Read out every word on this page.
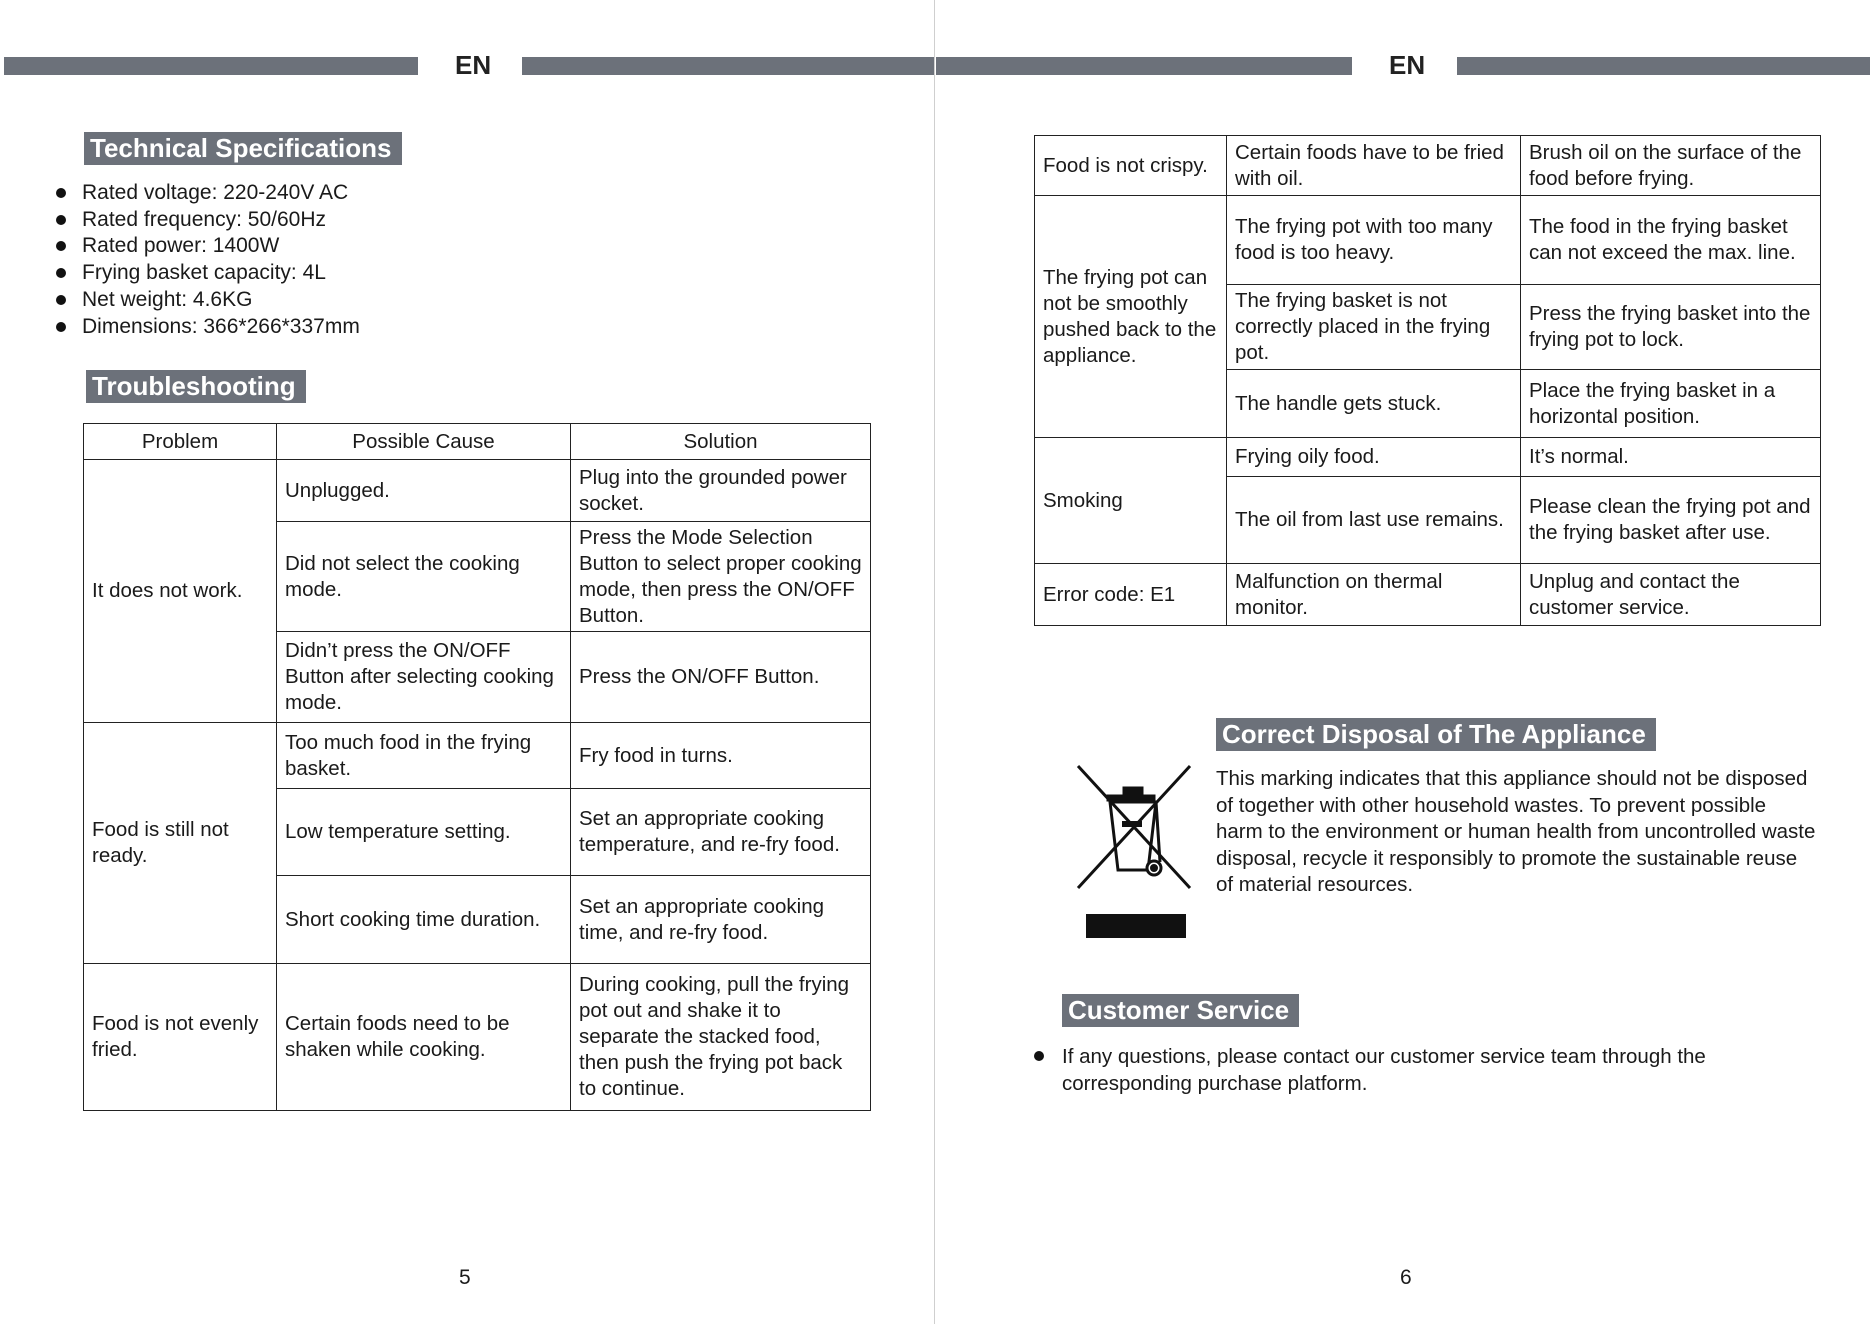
EN
Technical Specifications
Rated voltage: 220-240V AC
Rated frequency: 50/60Hz
Rated power: 1400W
Frying basket capacity: 4L
Net weight: 4.6KG
Dimensions: 366*266*337mm
Troubleshooting
Problem	Possible Cause	Solution
It does not work.	Unplugged.	Plug into the grounded power socket.
	Did not select the cooking mode.	Press the Mode Selection Button to select proper cooking mode, then press the ON/OFF Button.
	Didn’t press the ON/OFF Button after selecting cooking mode.	Press the ON/OFF Button.
Food is still not ready.	Too much food in the frying basket.	Fry food in turns.
	Low temperature setting.	Set an appropriate cooking temperature, and re-fry food.
	Short cooking time duration.	Set an appropriate cooking time, and re-fry food.
Food is not evenly fried.	Certain foods need to be shaken while cooking.	During cooking, pull the frying pot out and shake it to separate the stacked food, then push the frying pot back to continue.
5
EN
6
Food is not crispy.	Certain foods have to be fried with oil.	Brush oil on the surface of the food before frying.
The frying pot can not be smoothly pushed back to the appliance.	The frying pot with too many food is too heavy.	The food in the frying basket can not exceed the max. line.
	The frying basket is not correctly placed in the frying pot.	Press the frying basket into the frying pot to lock.
	The handle gets stuck.	Place the frying basket in a horizontal position.
Smoking	Frying oily food.	It’s normal.
	The oil from last use remains.	Please clean the frying pot and the frying basket after use.
Error code: E1	Malfunction on thermal monitor.	Unplug and contact the customer service.
Correct Disposal of The Appliance
This marking indicates that this appliance should not be disposed of together with other household wastes. To prevent possible harm to the environment or human health from uncontrolled waste disposal, recycle it responsibly to promote the sustainable reuse of material resources.
Customer Service
If any questions, please contact our customer service team through the corresponding purchase platform.
